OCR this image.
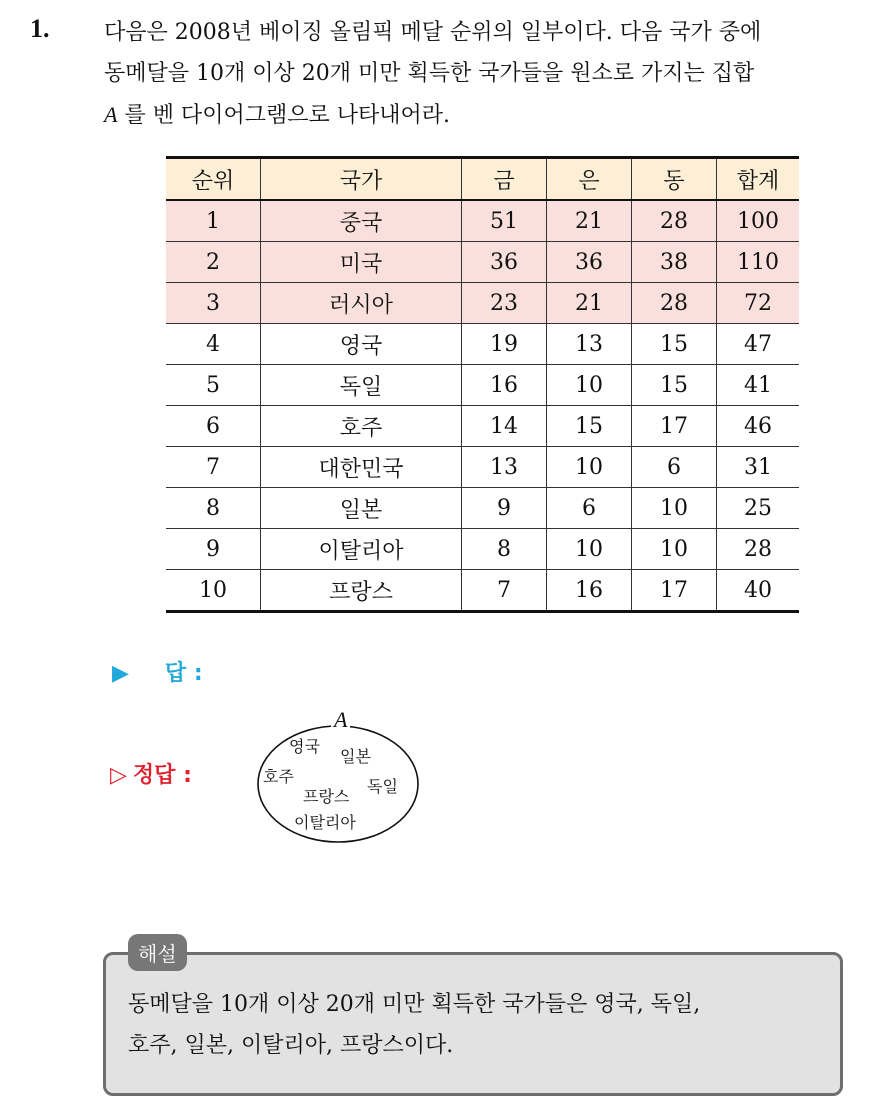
1. 다음은 2008년 베이징 올림픽 메달 순위의 일부이다. 다음 국가 중에
동메달을 10개 이상 20개 미만 획득한 국가들을 원소로 가지는 집합
A 를 벤 다이어그램으로 나타내어라.
순위	국가	금	은	동	합계
1	중국	51	21	28	100
2	미국	36	36	38	110
3	러시아	23	21	28	72
4	영국	19	13	15	47
5	독일	16	10	15	41
6	호주	14	15	17	46
7	대한민국	13	10	6	31
8	일본	9	6	10	25
9	이탈리아	8	10	10	28
10	프랑스	7	16	17	40
▶ 답 :
▷ 정답 :
A
영국
일본
호주
프랑스
독일
이탈리아
해설
동메달을 10개 이상 20개 미만 획득한 국가들은 영국, 독일,
호주, 일본, 이탈리아, 프랑스이다.
